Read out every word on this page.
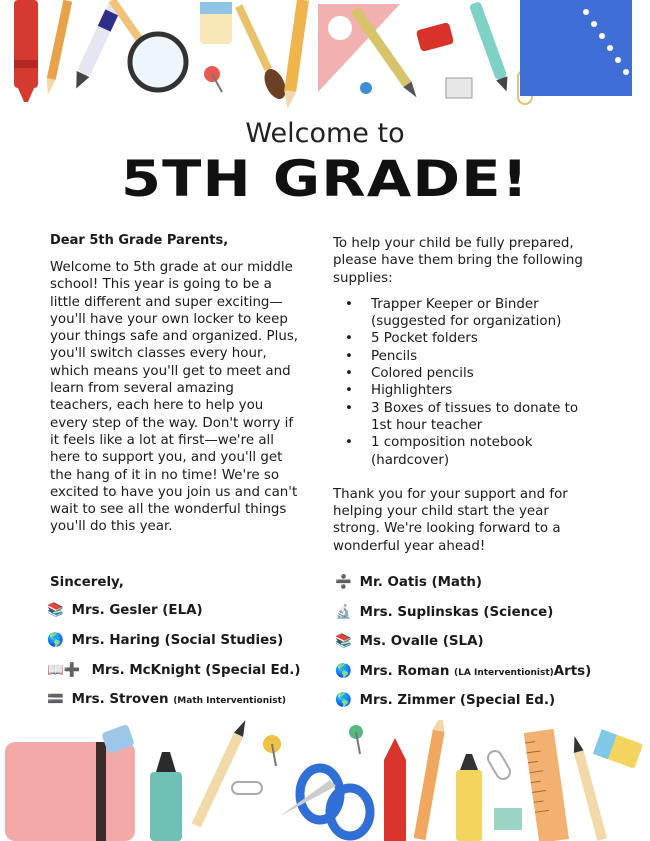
Welcome to
5TH GRADE!
Dear 5th Grade Parents,
Welcome to 5th grade at our middle school! This year is going to be a little different and super exciting—you'll have your own locker to keep your things safe and organized. Plus, you'll switch classes every hour, which means you'll get to meet and learn from several amazing teachers, each here to help you every step of the way. Don't worry if it feels like a lot at first—we're all here to support you, and you'll get the hang of it in no time! We're so excited to have you join us and can't wait to see all the wonderful things you'll do this year.
To help your child be fully prepared, please have them bring the following supplies:
• Trapper Keeper or Binder (suggested for organization)
• 5 Pocket folders
• Pencils
• Colored pencils
• Highlighters
• 3 Boxes of tissues to donate to 1st hour teacher
• 1 composition notebook (hardcover)
Thank you for your support and for helping your child start the year strong. We're looking forward to a wonderful year ahead!
Sincerely,
📚 Mrs. Gesler (ELA)
🌎 Mrs. Haring (Social Studies)
📖➕ Mrs. McKnight (Special Ed.)
🟰 Mrs. Stroven (Math Interventionist)
➗ Mr. Oatis (Math)
🔬 Mrs. Suplinskas (Science)
📚 Ms. Ovalle (SLA)
🌎 Mrs. Roman (LA Interventionist)Arts)
🌎 Mrs. Zimmer (Special Ed.)
